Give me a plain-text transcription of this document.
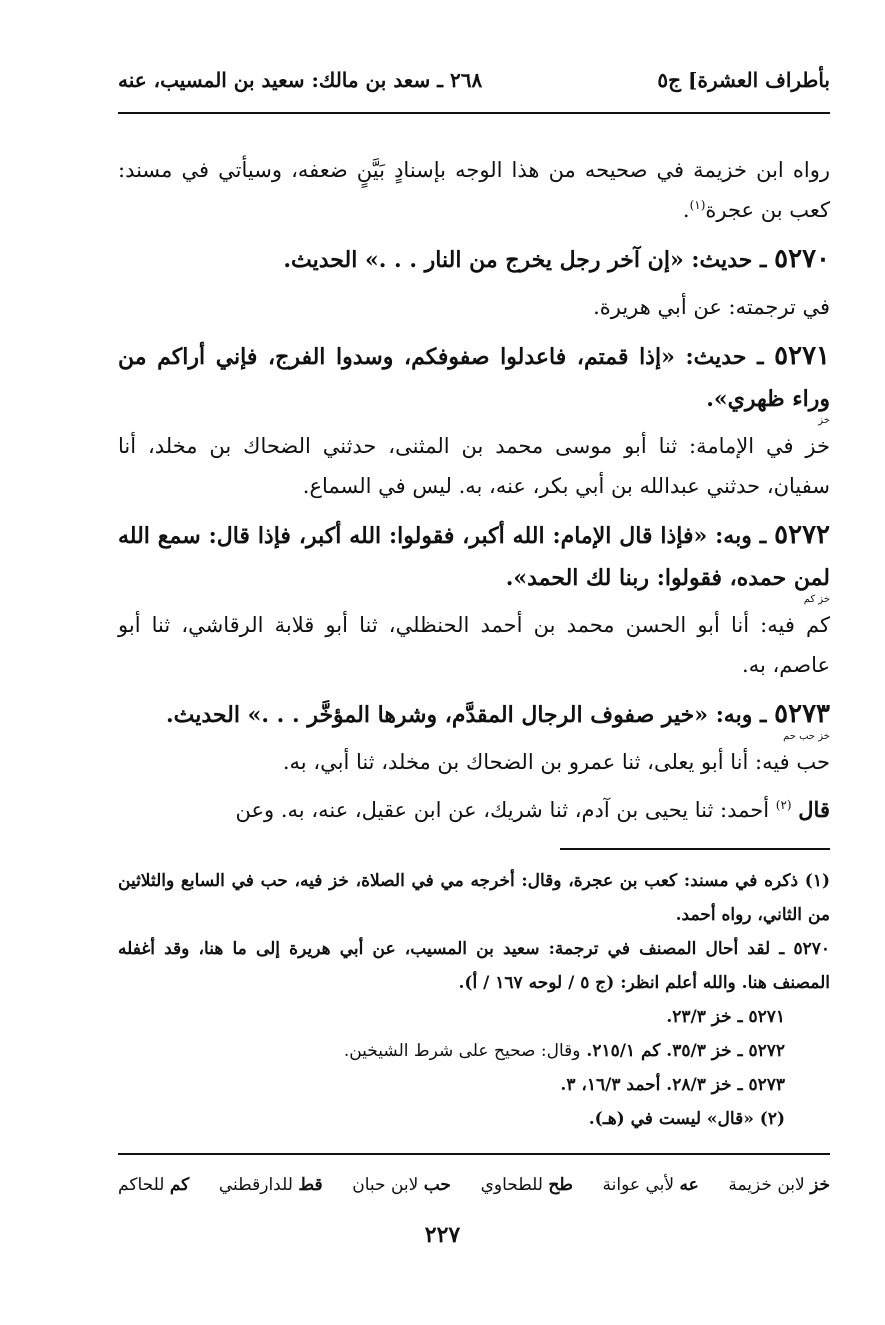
بأطراف العشرة] ج٥
٢٦٨ ـ سعد بن مالك: سعيد بن المسيب، عنه

رواه ابن خزيمة في صحيحه من هذا الوجه بإسنادٍ بَيَّنٍ ضعفه، وسيأتي في مسند: كعب بن عجرة$^{(١)}$.

٥٢٧٠ ـ حديث: «إن آخر رجل يخرج من النار . . .» الحديث.

في ترجمته: عن أبي هريرة.

٥٢٧١ ـ حديث: «إذا قمتم، فاعدلوا صفوفكم، وسدوا الفرج، فإني أراكم من وراء ظهري».
خز

خز في الإمامة: ثنا أبو موسى محمد بن المثنى، حدثني الضحاك بن مخلد، أنا سفيان، حدثني عبدالله بن أبي بكر، عنه، به. ليس في السماع.

٥٢٧٢ ـ وبه: «فإذا قال الإمام: الله أكبر، فقولوا: الله أكبر، فإذا قال: سمع الله لمن حمده، فقولوا: ربنا لك الحمد».
خز كم

كم فيه: أنا أبو الحسن محمد بن أحمد الحنظلي، ثنا أبو قلابة الرقاشي، ثنا أبو عاصم، به.

٥٢٧٣ ـ وبه: «خير صفوف الرجال المقدَّم، وشرها المؤخَّر . . .» الحديث.
خز حب حم

حب فيه: أنا أبو يعلى، ثنا عمرو بن الضحاك بن مخلد، ثنا أبي، به.

قال $^{(٢)}$ أحمد: ثنا يحيى بن آدم، ثنا شريك، عن ابن عقيل، عنه، به. وعن

(١) ذكره في مسند: كعب بن عجرة، وقال: أخرجه مي في الصلاة، خز فيه، حب في السابع والثلاثين من الثاني، رواه أحمد.

٥٢٧٠ ـ لقد أحال المصنف في ترجمة: سعيد بن المسيب، عن أبي هريرة إلى ما هنا، وقد أغفله المصنف هنا. والله أعلم انظر: (ج ٥ / لوحه ١٦٧ / أ).

٥٢٧١ ـ خز ٢٣/٣.

٥٢٧٢ ـ خز ٣٥/٣. كم ٢١٥/١. وقال: صحيح على شرط الشيخين.

٥٢٧٣ ـ خز ٢٨/٣. أحمد ١٦/٣، ٣.

(٢) «قال» ليست في (هـ).

خز لابن خزيمة
عه لأبي عوانة
طح للطحاوي
حب لابن حبان
قط للدارقطني
كم للحاكم
٢٢٧
